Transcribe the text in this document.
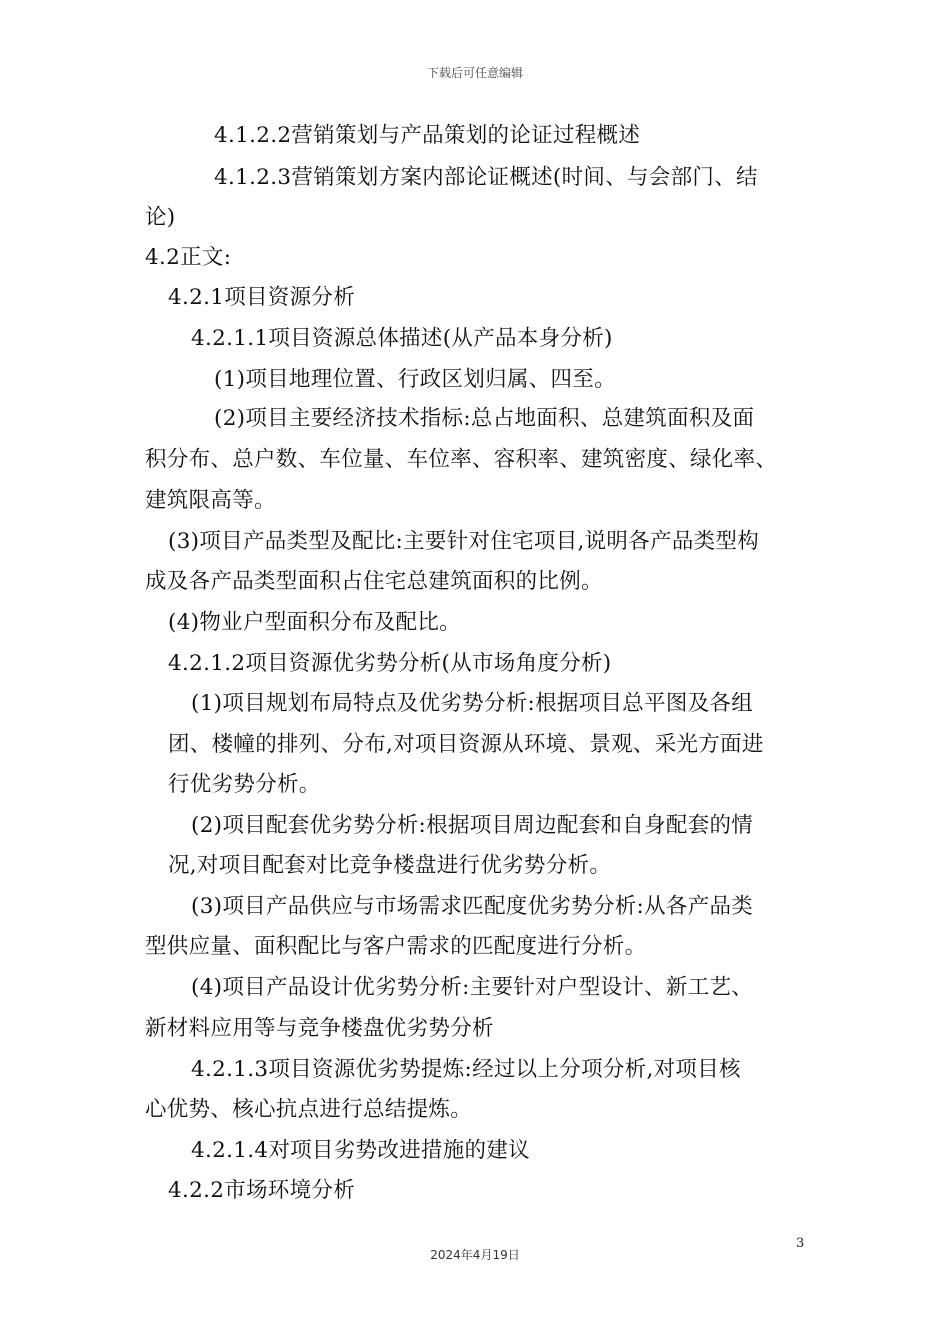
下载后可任意编辑
4.1.2.2营销策划与产品策划的论证过程概述
4.1.2.3营销策划方案内部论证概述(时间、与会部门、结
论)
4.2正文:
4.2.1项目资源分析
4.2.1.1项目资源总体描述(从产品本身分析)
(1)项目地理位置、行政区划归属、四至。
(2)项目主要经济技术指标:总占地面积、总建筑面积及面
积分布、总户数、车位量、车位率、容积率、建筑密度、绿化率、
建筑限高等。
(3)项目产品类型及配比:主要针对住宅项目,说明各产品类型构
成及各产品类型面积占住宅总建筑面积的比例。
(4)物业户型面积分布及配比。
4.2.1.2项目资源优劣势分析(从市场角度分析)
(1)项目规划布局特点及优劣势分析:根据项目总平图及各组
团、楼幢的排列、分布,对项目资源从环境、景观、采光方面进
行优劣势分析。
(2)项目配套优劣势分析:根据项目周边配套和自身配套的情
况,对项目配套对比竞争楼盘进行优劣势分析。
(3)项目产品供应与市场需求匹配度优劣势分析:从各产品类
型供应量、面积配比与客户需求的匹配度进行分析。
(4)项目产品设计优劣势分析:主要针对户型设计、新工艺、
新材料应用等与竞争楼盘优劣势分析
4.2.1.3项目资源优劣势提炼:经过以上分项分析,对项目核
心优势、核心抗点进行总结提炼。
4.2.1.4对项目劣势改进措施的建议
4.2.2市场环境分析
3
2024年4月19日
